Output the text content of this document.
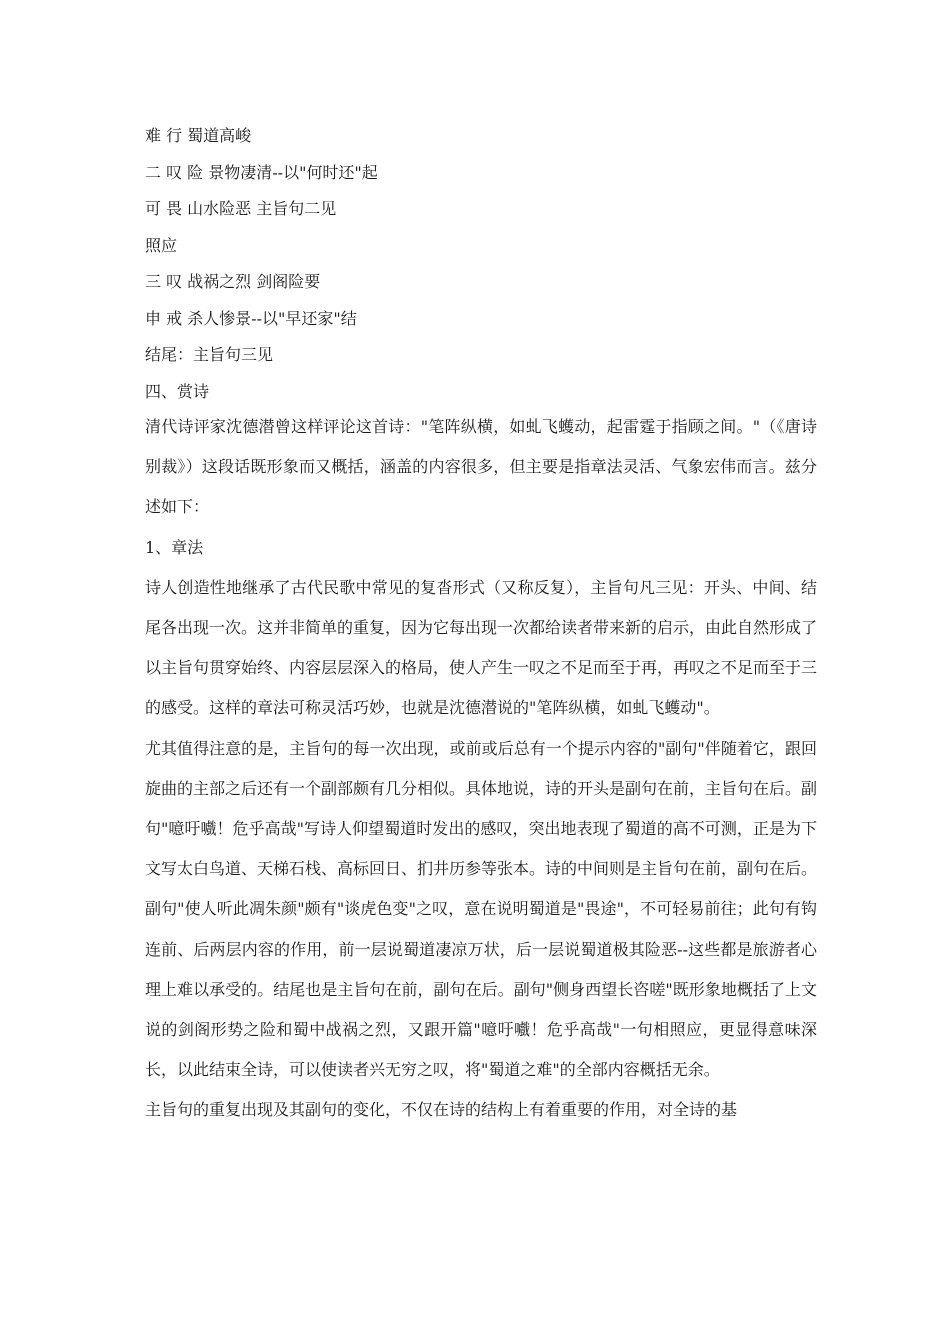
难 行 蜀道高峻
二 叹 险 景物凄清--以"何时还"起
可 畏 山水险恶 主旨句二见
照应
三 叹 战祸之烈 剑阁险要
申 戒 杀人惨景--以"早还家"结
结尾：主旨句三见
四、赏诗

清代诗评家沈德潜曾这样评论这首诗："笔阵纵横，如虬飞蠖动，起雷霆于指顾之间。"（《唐诗别裁》）这段话既形象而又概括，涵盖的内容很多，但主要是指章法灵活、气象宏伟而言。兹分述如下：

1、章法

诗人创造性地继承了古代民歌中常见的复沓形式（又称反复），主旨句凡三见：开头、中间、结尾各出现一次。这并非简单的重复，因为它每出现一次都给读者带来新的启示，由此自然形成了以主旨句贯穿始终、内容层层深入的格局，使人产生一叹之不足而至于再，再叹之不足而至于三的感受。这样的章法可称灵活巧妙，也就是沈德潜说的"笔阵纵横，如虬飞蠖动"。

尤其值得注意的是，主旨句的每一次出现，或前或后总有一个提示内容的"副句"伴随着它，跟回旋曲的主部之后还有一个副部颇有几分相似。具体地说，诗的开头是副句在前，主旨句在后。副句"噫吁嚱！危乎高哉"写诗人仰望蜀道时发出的感叹，突出地表现了蜀道的高不可测，正是为下文写太白鸟道、天梯石栈、高标回日、扪井历参等张本。诗的中间则是主旨句在前，副句在后。副句"使人听此凋朱颜"颇有"谈虎色变"之叹，意在说明蜀道是"畏途"，不可轻易前往；此句有钩连前、后两层内容的作用，前一层说蜀道凄凉万状，后一层说蜀道极其险恶--这些都是旅游者心理上难以承受的。结尾也是主旨句在前，副句在后。副句"侧身西望长咨嗟"既形象地概括了上文说的剑阁形势之险和蜀中战祸之烈，又跟开篇"噫吁嚱！危乎高哉"一句相照应，更显得意味深长，以此结束全诗，可以使读者兴无穷之叹，将"蜀道之难"的全部内容概括无余。

主旨句的重复出现及其副句的变化，不仅在诗的结构上有着重要的作用，对全诗的基
